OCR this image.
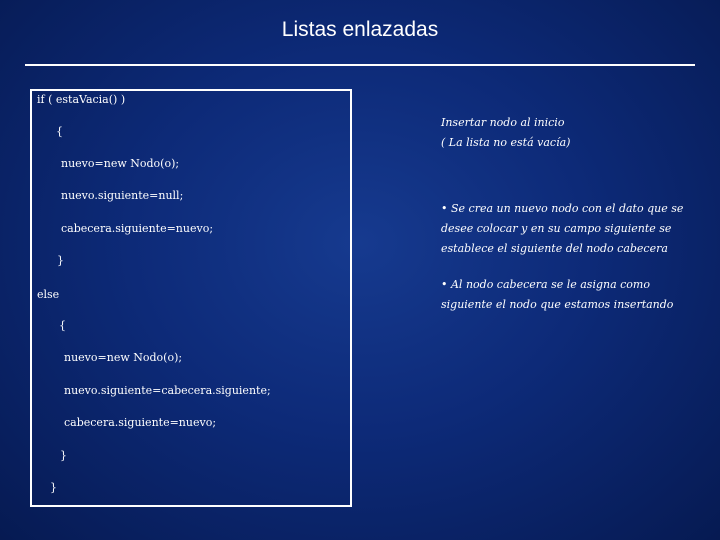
Listas enlazadas
if ( estaVacia() )
{
nuevo=new Nodo(o);
nuevo.siguiente=null;
cabecera.siguiente=nuevo;
}
else
{
nuevo=new Nodo(o);
nuevo.siguiente=cabecera.siguiente;
cabecera.siguiente=nuevo;
}
}
Insertar nodo al inicio
( La lista no está vacía)
• Se crea un nuevo nodo con el dato que se desee colocar y en su campo siguiente se establece el siguiente del nodo cabecera
• Al nodo cabecera se le asigna como siguiente el nodo que estamos insertando
